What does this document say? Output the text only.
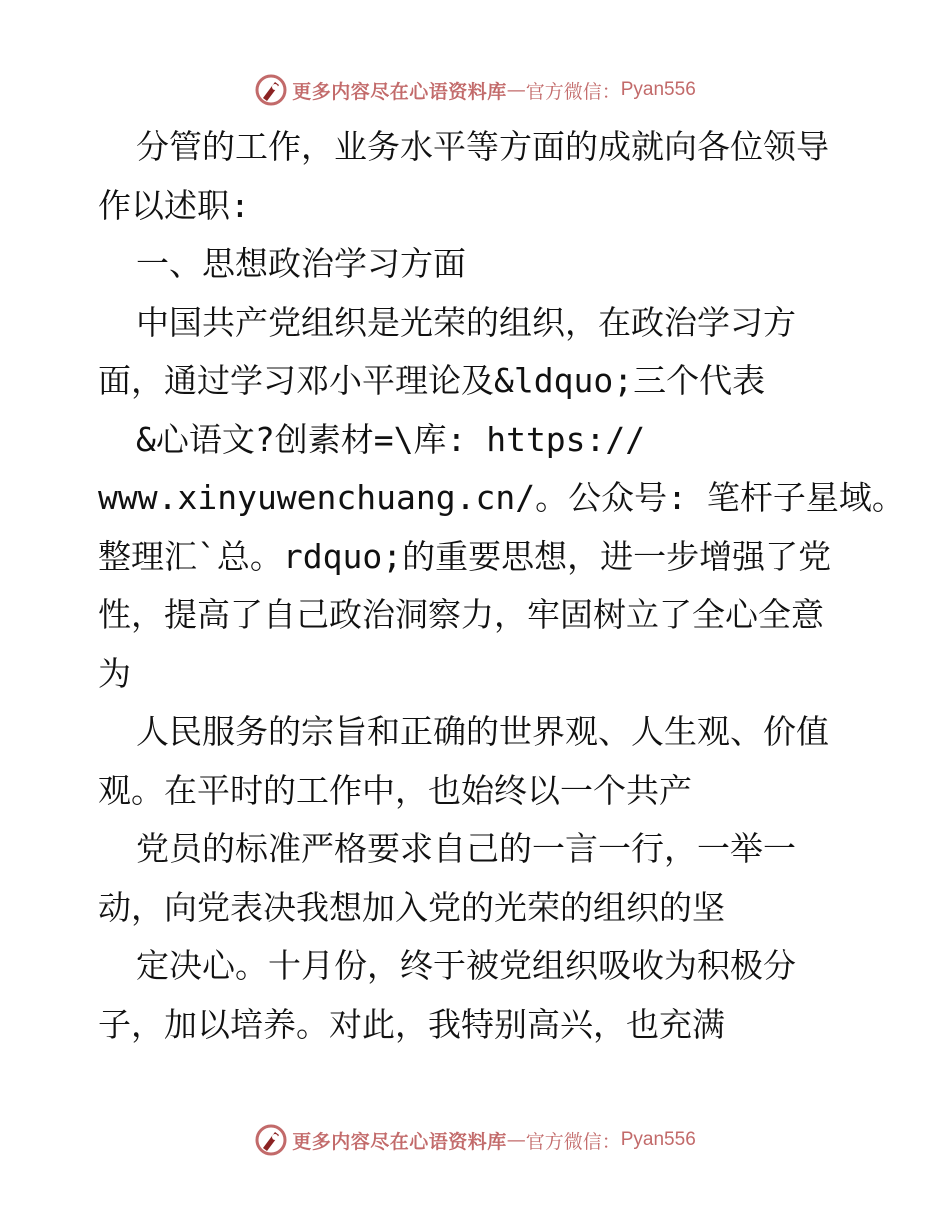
更多内容尽在心语资料库 — 官方微信： Pyan556
分管的工作，业务水平等方面的成就向各位领导
作以述职:
一、思想政治学习方面
中国共产党组织是光荣的组织，在政治学习方
面，通过学习邓小平理论及&ldquo;三个代表
&心语文?创素材=\库: https://
www.xinyuwenchuang.cn/。公众号: 笔杆子星域。
整理汇`总。rdquo;的重要思想，进一步增强了党
性，提高了自己政治洞察力，牢固树立了全心全意
为
人民服务的宗旨和正确的世界观、人生观、价值
观。在平时的工作中，也始终以一个共产
党员的标准严格要求自己的一言一行，一举一
动，向党表决我想加入党的光荣的组织的坚
定决心。十月份，终于被党组织吸收为积极分
子，加以培养。对此，我特别高兴，也充满
更多内容尽在心语资料库 — 官方微信： Pyan556
